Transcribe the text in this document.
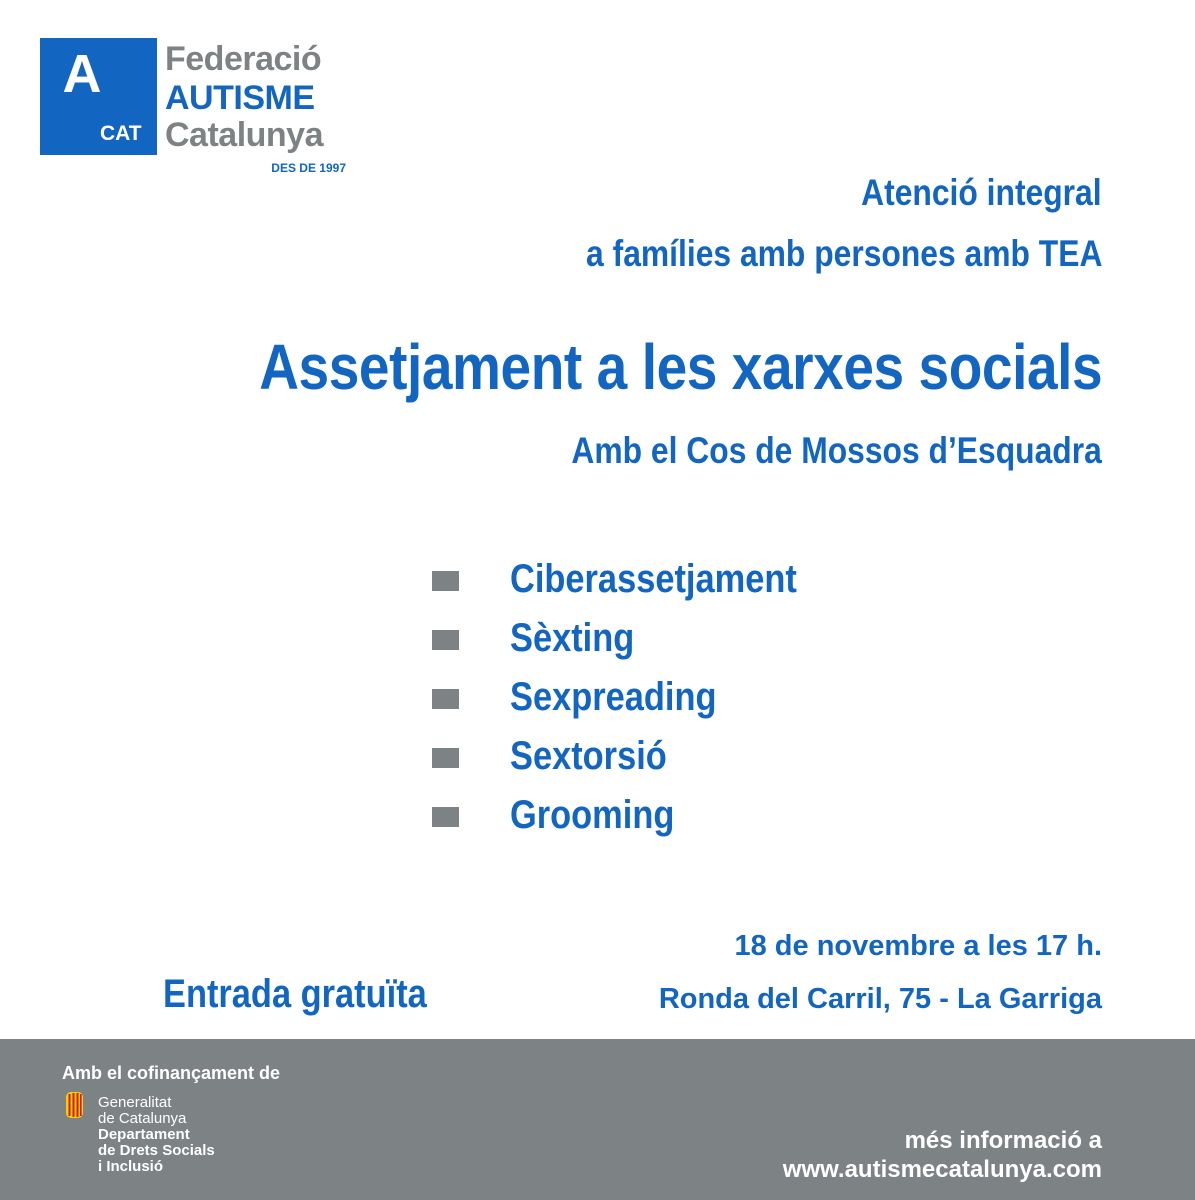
A
CAT
Federació
AUTISME
Catalunya
DES DE 1997
Atenció integral
a famílies amb persones amb TEA
Assetjament a les xarxes socials
Amb el Cos de Mossos d’Esquadra
Ciberassetjament
Sèxting
Sexpreading
Sextorsió
Grooming
18 de novembre a les 17 h.
Ronda del Carril, 75 - La Garriga
Entrada gratuïta
Amb el cofinançament de
Generalitat
de Catalunya
Departament
de Drets Socials
i Inclusió
més informació a
www.autismecatalunya.com
